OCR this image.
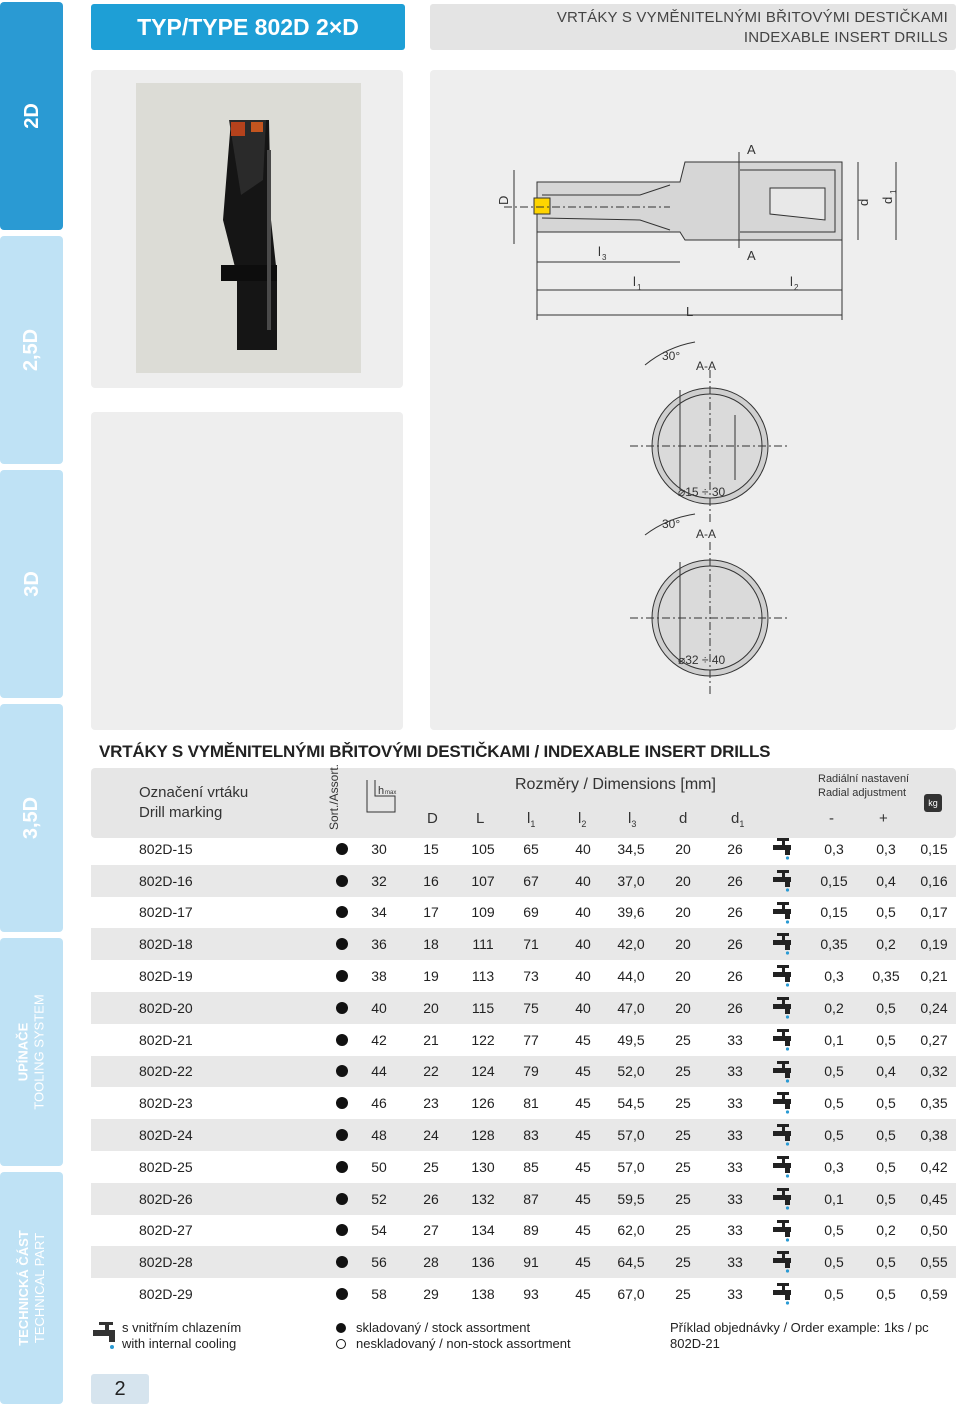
2D
2,5D
3D
3,5D
UPÍNAČE
TOOLING SYSTEM
TECHNICKÁ ČÁST
TECHNICAL PART
TYP/TYPE 802D 2×D	VRTÁKY S VYMĚNITELNÝMI BŘITOVÝMI DESTIČKAMI
INDEXABLE INSERT DRILLS
A
A
D	d d
1
l 3
l 1	l 2
L
30°
A-A
⌀15 ÷ 30
30°
A-A
⌀32 ÷ 40
VRTÁKY S VYMĚNITELNÝMI BŘITOVÝMI DESTIČKAMI / INDEXABLE INSERT DRILLS
Označení vrtáku
Drill marking	Sort./Assort.	h max	Rozměry / Dimensions [mm]	Radiální nastavení
Radial adjustment
kg
D	L	$l_1$	$l_2$	$l_3$	d	$d_1$	-	+
802D-15	30	15	105	65	40	34,5	20	26	0,3	0,3	0,15
802D-16	32	16	107	67	40	37,0	20	26	0,15	0,4	0,16
802D-17	34	17	109	69	40	39,6	20	26	0,15	0,5	0,17
802D-18	36	18	111	71	40	42,0	20	26	0,35	0,2	0,19
802D-19	38	19	113	73	40	44,0	20	26	0,3	0,35	0,21
802D-20	40	20	115	75	40	47,0	20	26	0,2	0,5	0,24
802D-21	42	21	122	77	45	49,5	25	33	0,1	0,5	0,27
802D-22	44	22	124	79	45	52,0	25	33	0,5	0,4	0,32
802D-23	46	23	126	81	45	54,5	25	33	0,5	0,5	0,35
802D-24	48	24	128	83	45	57,0	25	33	0,5	0,5	0,38
802D-25	50	25	130	85	45	57,0	25	33	0,3	0,5	0,42
802D-26	52	26	132	87	45	59,5	25	33	0,1	0,5	0,45
802D-27	54	27	134	89	45	62,0	25	33	0,5	0,2	0,50
802D-28	56	28	136	91	45	64,5	25	33	0,5	0,5	0,55
802D-29	58	29	138	93	45	67,0	25	33	0,5	0,5	0,59
s vnitřním chlazením
with internal cooling
skladovaný / stock assortment
neskladovaný / non-stock assortment
Příklad objednávky / Order example: 1ks / pc 802D-21
2
